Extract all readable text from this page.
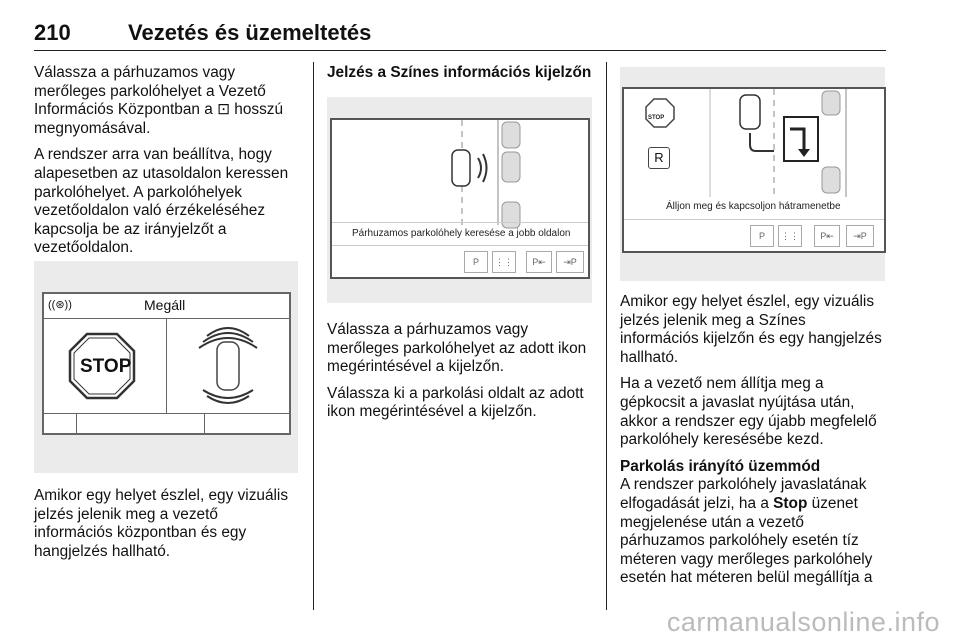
210	Vezetés és üzemeltetés

Válassza a párhuzamos vagy merőleges parkolóhelyet a Vezető Információs Központban a ⊡ hosszú megnyomásával.

A rendszer arra van beállítva, hogy alapesetben az utasoldalon keressen parkolóhelyet. A parkolóhelyek vezetőoldalon való érzékeléséhez kapcsolja be az irányjelzőt a vezetőoldalon.

((⊛))	Megáll
STOP

Amikor egy helyet észlel, egy vizuális jelzés jelenik meg a vezető információs központban és egy hangjelzés hallható.

Jelzés a Színes információs kijelzőn

Párhuzamos parkolóhely keresése a jobb oldalon
P	⋮⋮	P⇤	⇥P

Válassza a párhuzamos vagy merőleges parkolóhelyet az adott ikon megérintésével a kijelzőn.

Válassza ki a parkolási oldalt az adott ikon megérintésével a kijelzőn.

STOP
R
Álljon meg és kapcsoljon hátramenetbe
P	⋮⋮	P⇤	⇥P

Amikor egy helyet észlel, egy vizuális jelzés jelenik meg a Színes információs kijelzőn és egy hangjelzés hallható.

Ha a vezető nem állítja meg a gépkocsit a javaslat nyújtása után, akkor a rendszer egy újabb megfelelő parkolóhely keresésébe kezd.

Parkolás irányító üzemmód

A rendszer parkolóhely javaslatának elfogadását jelzi, ha a Stop üzenet megjelenése után a vezető párhuzamos parkolóhely esetén tíz méteren vagy merőleges parkolóhely esetén hat méteren belül megállítja a

carmanualsonline.info
